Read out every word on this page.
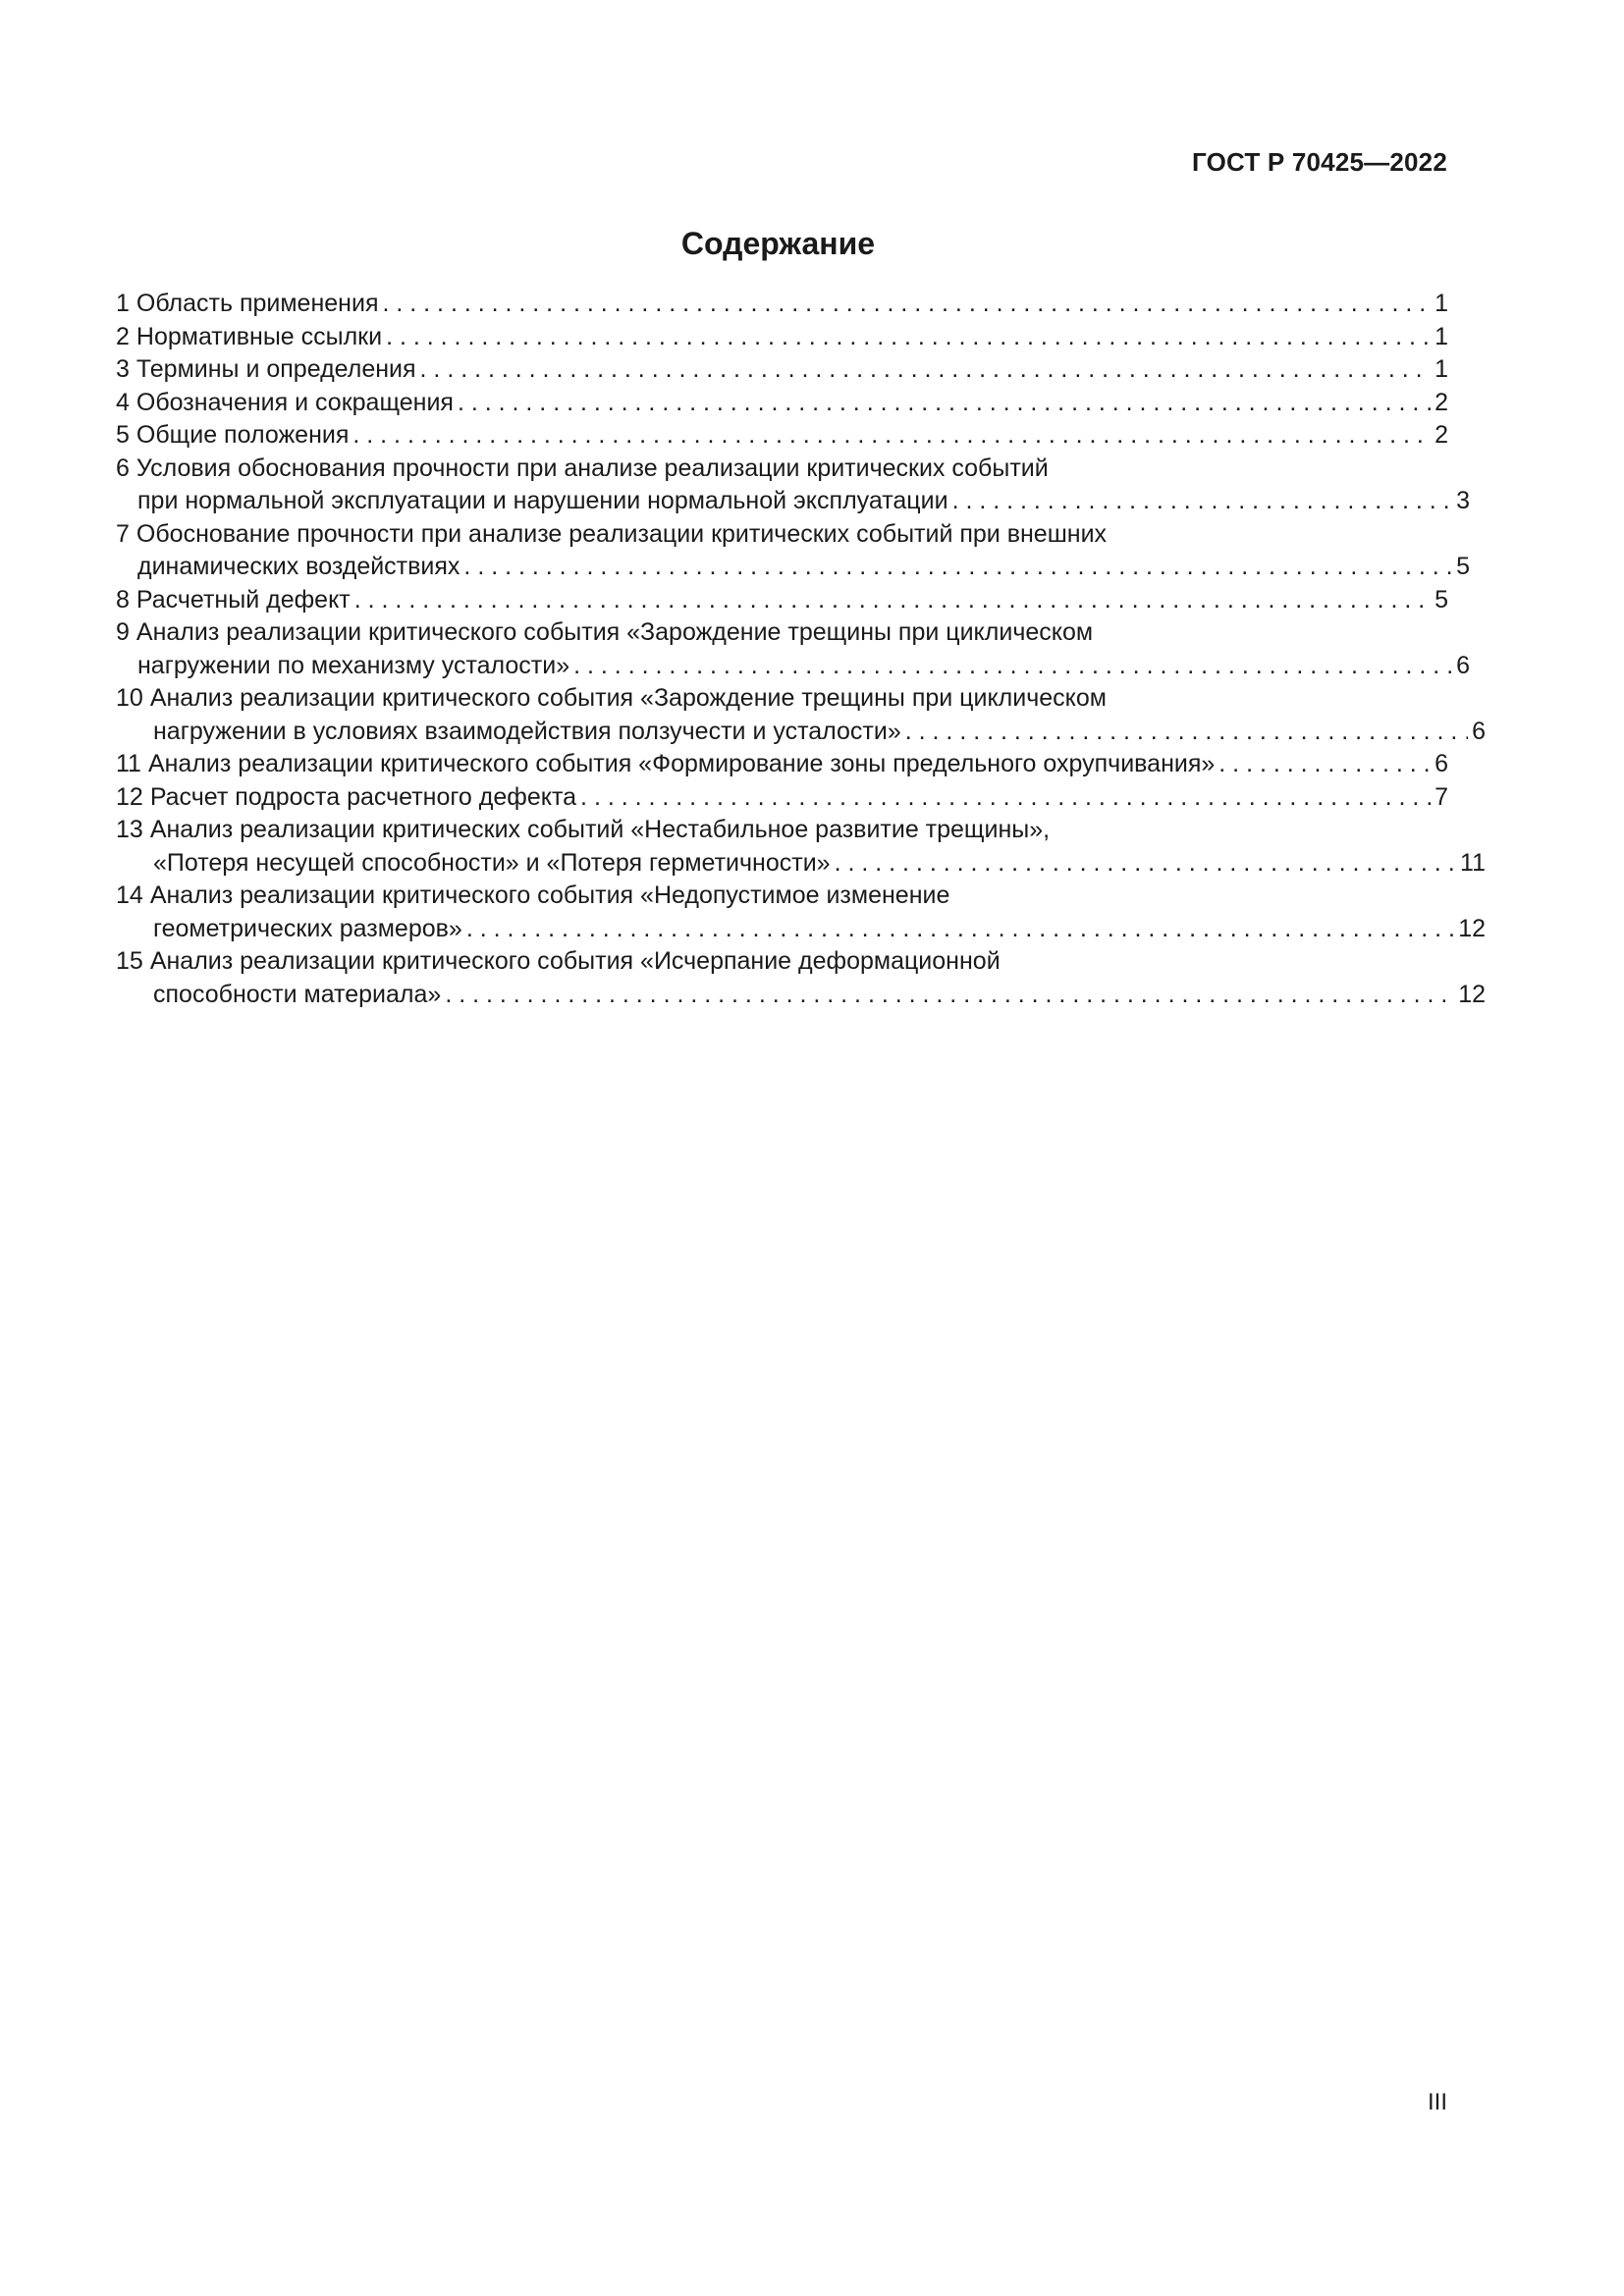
ГОСТ Р 70425—2022
Содержание
1 Область применения . . .	1
2 Нормативные ссылки . . .	1
3 Термины и определения . . .	1
4 Обозначения и сокращения . . .	2
5 Общие положения . . .	2
6 Условия обоснования прочности при анализе реализации критических событий
при нормальной эксплуатации и нарушении нормальной эксплуатации . . .	3
7 Обоснование прочности при анализе реализации критических событий при внешних
динамических воздействиях . . .	5
8 Расчетный дефект . . .	5
9 Анализ реализации критического события «Зарождение трещины при циклическом
нагружении по механизму усталости» . . .	6
10 Анализ реализации критического события «Зарождение трещины при циклическом
нагружении в условиях взаимодействия ползучести и усталости» . . .	6
11 Анализ реализации критического события «Формирование зоны предельного охрупчивания» . . .	6
12 Расчет подроста расчетного дефекта . . .	7
13 Анализ реализации критических событий «Нестабильное развитие трещины»,
«Потеря несущей способности» и «Потеря герметичности» . . .	11
14 Анализ реализации критического события «Недопустимое изменение
геометрических размеров» . . .	12
15 Анализ реализации критического события «Исчерпание деформационной
способности материала» . . .	12
III
